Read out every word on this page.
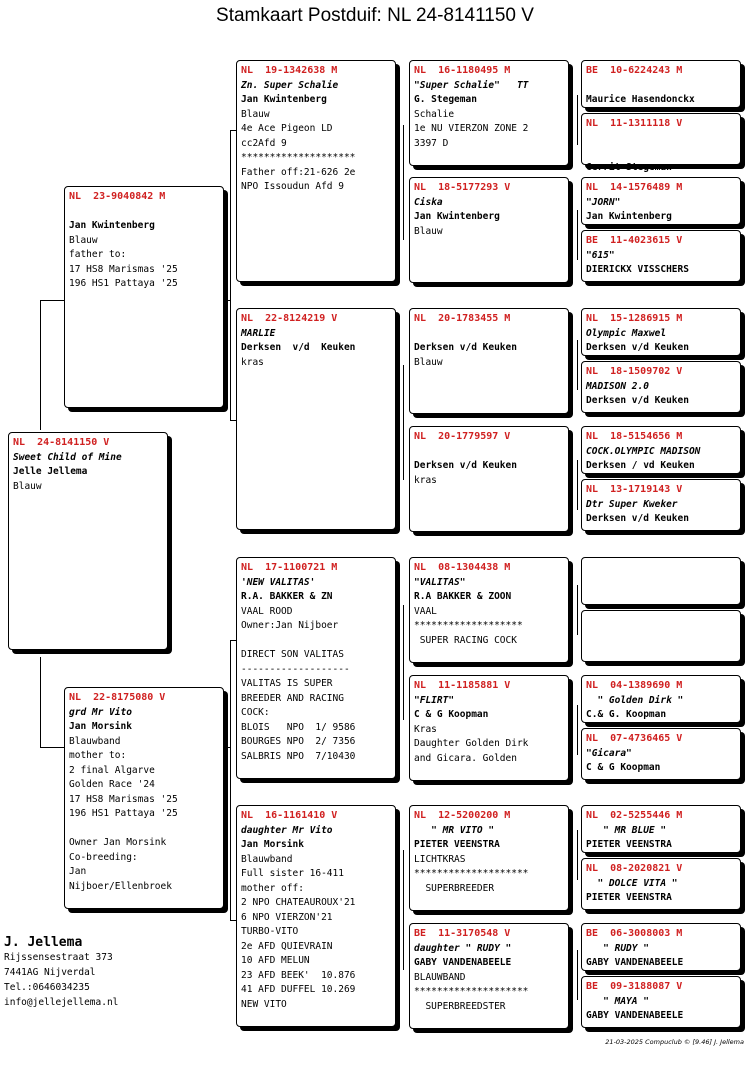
Stamkaart Postduif: NL 24-8141150 V
NL  24-8141150 V
Sweet Child of Mine
Jelle Jellema
Blauw
NL  23-9040842 M

Jan Kwintenberg
Blauw
father to:
17 HS8 Marismas '25
196 HS1 Pattaya '25
NL  22-8175080 V
grd Mr Vito
Jan Morsink
Blauwband
mother to:
2 final Algarve
Golden Race '24
17 HS8 Marismas '25
196 HS1 Pattaya '25

Owner Jan Morsink
Co-breeding:
Jan
Nijboer/Ellenbroek
NL  19-1342638 M
Zn. Super Schalie
Jan Kwintenberg
Blauw
4e Ace Pigeon LD
cc2Afd 9
********************
Father off:21-626 2e
NPO Issoudun Afd 9
NL  22-8124219 V
MARLIE
Derksen  v/d  Keuken
kras
NL  17-1100721 M
'NEW VALITAS'
R.A. BAKKER & ZN
VAAL ROOD
Owner:Jan Nijboer

DIRECT SON VALITAS
-------------------
VALITAS IS SUPER
BREEDER AND RACING
COCK:
BLOIS   NPO  1/ 9586
BOURGES NPO  2/ 7356
SALBRIS NPO  7/10430
NL  16-1161410 V
daughter Mr Vito
Jan Morsink
Blauwband
Full sister 16-411
mother off:
2 NPO CHATEAUROUX'21
6 NPO VIERZON'21
TURBO-VITO
2e AFD QUIEVRAIN
10 AFD MELUN
23 AFD BEEK'  10.876
41 AFD DUFFEL 10.269
NEW VITO
NL  16-1180495 M
"Super Schalie"   TT
G. Stegeman
Schalie
1e NU VIERZON ZONE 2
3397 D
NL  18-5177293 V
Ciska
Jan Kwintenberg
Blauw
NL  20-1783455 M

Derksen v/d Keuken
Blauw
NL  20-1779597 V

Derksen v/d Keuken
kras
NL  08-1304438 M
"VALITAS"
R.A BAKKER & ZOON
VAAL
*******************
SUPER RACING COCK
NL  11-1185881 V
"FLIRT"
C & G Koopman
Kras
Daughter Golden Dirk
and Gicara. Golden
NL  12-5200200 M
" MR VITO "
PIETER VEENSTRA
LICHTKRAS
********************
SUPERBREEDER
BE  11-3170548 V
daughter " RUDY "
GABY VANDENABEELE
BLAUWBAND
********************
SUPERBREEDSTER
BE  10-6224243 M

Maurice Hasendonckx
NL  11-1311118 V

Gerrit Stegeman
NL  14-1576489 M
"JORN"
Jan Kwintenberg
BE  11-4023615 V
"615"
DIERICKX VISSCHERS
NL  15-1286915 M
Olympic Maxwel
Derksen v/d Keuken
NL  18-1509702 V
MADISON 2.0
Derksen v/d Keuken
NL  18-5154656 M
COCK.OLYMPIC MADISON
Derksen / vd Keuken
NL  13-1719143 V
Dtr Super Kweker
Derksen v/d Keuken
NL  04-1389690 M
" Golden Dirk "
C.& G. Koopman
NL  07-4736465 V
"Gicara"
C & G Koopman
NL  02-5255446 M
" MR BLUE "
PIETER VEENSTRA
NL  08-2020821 V
" DOLCE VITA "
PIETER VEENSTRA
BE  06-3008003 M
" RUDY "
GABY VANDENABEELE
BE  09-3188087 V
" MAYA "
GABY VANDENABEELE
J. Jellema
Rijssensestraat 373
7441AG Nijverdal
Tel.:0646034235
info@jellejellema.nl
21-03-2025 Compuclub © [9.46] J. Jellema
